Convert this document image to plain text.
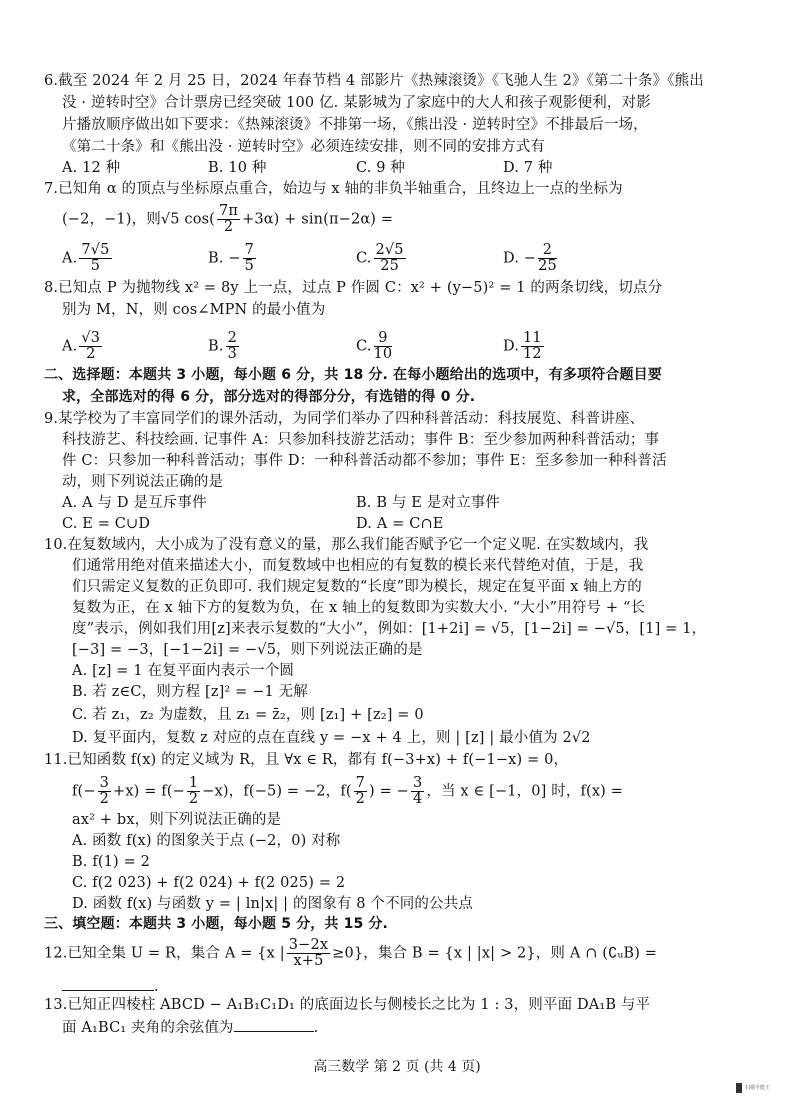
6.截至 2024 年 2 月 25 日，2024 年春节档 4 部影片《热辣滚烫》《飞驰人生 2》《第二十条》《熊出
没 · 逆转时空》合计票房已经突破 100 亿. 某影城为了家庭中的大人和孩子观影便利，对影
片播放顺序做出如下要求：《热辣滚烫》不排第一场，《熊出没 · 逆转时空》不排最后一场，
《第二十条》和《熊出没 · 逆转时空》必须连续安排，则不同的安排方式有
A. 12 种	B. 10 种	C. 9 种	D. 7 种
7.已知角 α 的顶点与坐标原点重合，始边与 x 轴的非负半轴重合，且终边上一点的坐标为
(−2，−1)，则√5 $\cos( \frac{7\pi}{2} +3\alpha) + \sin(\pi-2\alpha)$ =
A. $\frac{7√5}{5}$	B. − $\frac{7}{5}$	C. $\frac{2√5}{25}$	D. − $\frac{2}{25}$
8.已知点 P 为抛物线 x² = 8y 上一点，过点 P 作圆 C：x² + (y−5)² = 1 的两条切线，切点分
别为 M，N，则 cos∠MPN 的最小值为
A. $\frac{√3}{2}$	B. $\frac{2}{3}$	C. $\frac{9}{10}$	D. $\frac{11}{12}$
二、选择题：本题共 3 小题，每小题 6 分，共 18 分. 在每小题给出的选项中，有多项符合题目要
求，全部选对的得 6 分，部分选对的得部分分，有选错的得 0 分.
9.某学校为了丰富同学们的课外活动，为同学们举办了四种科普活动：科技展览、科普讲座、
科技游艺、科技绘画. 记事件 A：只参加科技游艺活动；事件 B：至少参加两种科普活动；事
件 C：只参加一种科普活动；事件 D：一种科普活动都不参加；事件 E：至多参加一种科普活
动，则下列说法正确的是
A. A 与 D 是互斥事件	B. B 与 E 是对立事件
C. E = C∪D	D. A = C∩E
10.在复数域内，大小成为了没有意义的量，那么我们能否赋予它一个定义呢. 在实数域内，我
们通常用绝对值来描述大小，而复数域中也相应的有复数的模长来代替绝对值，于是，我
们只需定义复数的正负即可. 我们规定复数的“长度”即为模长，规定在复平面 x 轴上方的
复数为正，在 x 轴下方的复数为负，在 x 轴上的复数即为实数大小. “大小”用符号 + “长
度”表示，例如我们用[z]来表示复数的“大小”，例如：[1+2i] = √5，[1−2i] = −√5，[1] = 1，
[−3] = −3，[−1−2i] = −√5，则下列说法正确的是
A. [z] = 1 在复平面内表示一个圆
B. 若 z∈C，则方程 [z]² = −1 无解
C. 若 z₁，z₂ 为虚数，且 z₁ = z̄₂，则 [z₁] + [z₂] = 0
D. 复平面内，复数 z 对应的点在直线 y = −x + 4 上，则 | [z] | 最小值为 2√2
11.已知函数 f(x) 的定义域为 R，且 ∀x ∈ R，都有 f(−3+x) + f(−1−x) = 0，
$f(- \frac{3}{2} +x) = f(- \frac{1}{2} -x)$，f(−5) = −2，$f( \frac{7}{2}$ ) = − $\frac{3}{4}$ ，当 x ∈ [−1，0] 时，f(x) =
ax² + bx，则下列说法正确的是
A. 函数 f(x) 的图象关于点 (−2，0) 对称
B. f(1) = 2
C. f(2 023) + f(2 024) + f(2 025) = 2
D. 函数 f(x) 与函数 y = | ln|x| | 的图象有 8 个不同的公共点
三、填空题：本题共 3 小题，每小题 5 分，共 15 分.
12.已知全集 U = R，集合 A = {x | $\frac{3-2x}{x+5} \ge 0$}，集合 B = {x | |x| > 2}，则 A ∩ (∁ᵤB) =
.
13.已知正四棱柱 ABCD − A₁B₁C₁D₁ 的底面边长与侧棱长之比为 1 : 3，则平面 DA₁B 与平
面 A₁BC₁ 夹角的余弦值为	.
高三数学 第 2 页 (共 4 页)
扫描全能王
